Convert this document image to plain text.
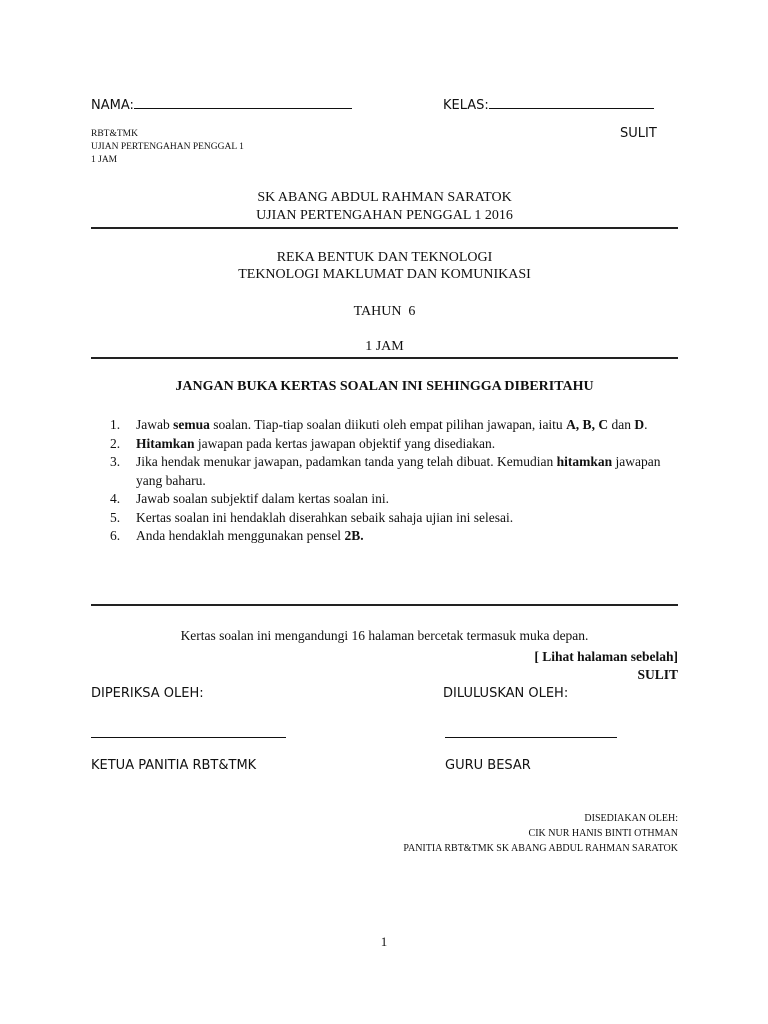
NAMA:	KELAS:
RBT&TMK
UJIAN PERTENGAHAN PENGGAL 1
1 JAM
SULIT
SK ABANG ABDUL RAHMAN SARATOK
UJIAN PERTENGAHAN PENGGAL 1 2016
REKA BENTUK DAN TEKNOLOGI
TEKNOLOGI MAKLUMAT DAN KOMUNIKASI
TAHUN  6
1 JAM
JANGAN BUKA KERTAS SOALAN INI SEHINGGA DIBERITAHU
1. Jawab semua soalan. Tiap-tiap soalan diikuti oleh empat pilihan jawapan, iaitu A, B, C dan D.
2. Hitamkan jawapan pada kertas jawapan objektif yang disediakan.
3. Jika hendak menukar jawapan, padamkan tanda yang telah dibuat. Kemudian hitamkan jawapan yang baharu.
4. Jawab soalan subjektif dalam kertas soalan ini.
5. Kertas soalan ini hendaklah diserahkan sebaik sahaja ujian ini selesai.
6. Anda hendaklah menggunakan pensel 2B.
Kertas soalan ini mengandungi 16 halaman bercetak termasuk muka depan.
[ Lihat halaman sebelah]
SULIT
DIPERIKSA OLEH:	DILULUSKAN OLEH:
KETUA PANITIA RBT&TMK	GURU BESAR
DISEDIAKAN OLEH:
CIK NUR HANIS BINTI OTHMAN
PANITIA RBT&TMK SK ABANG ABDUL RAHMAN SARATOK
1
